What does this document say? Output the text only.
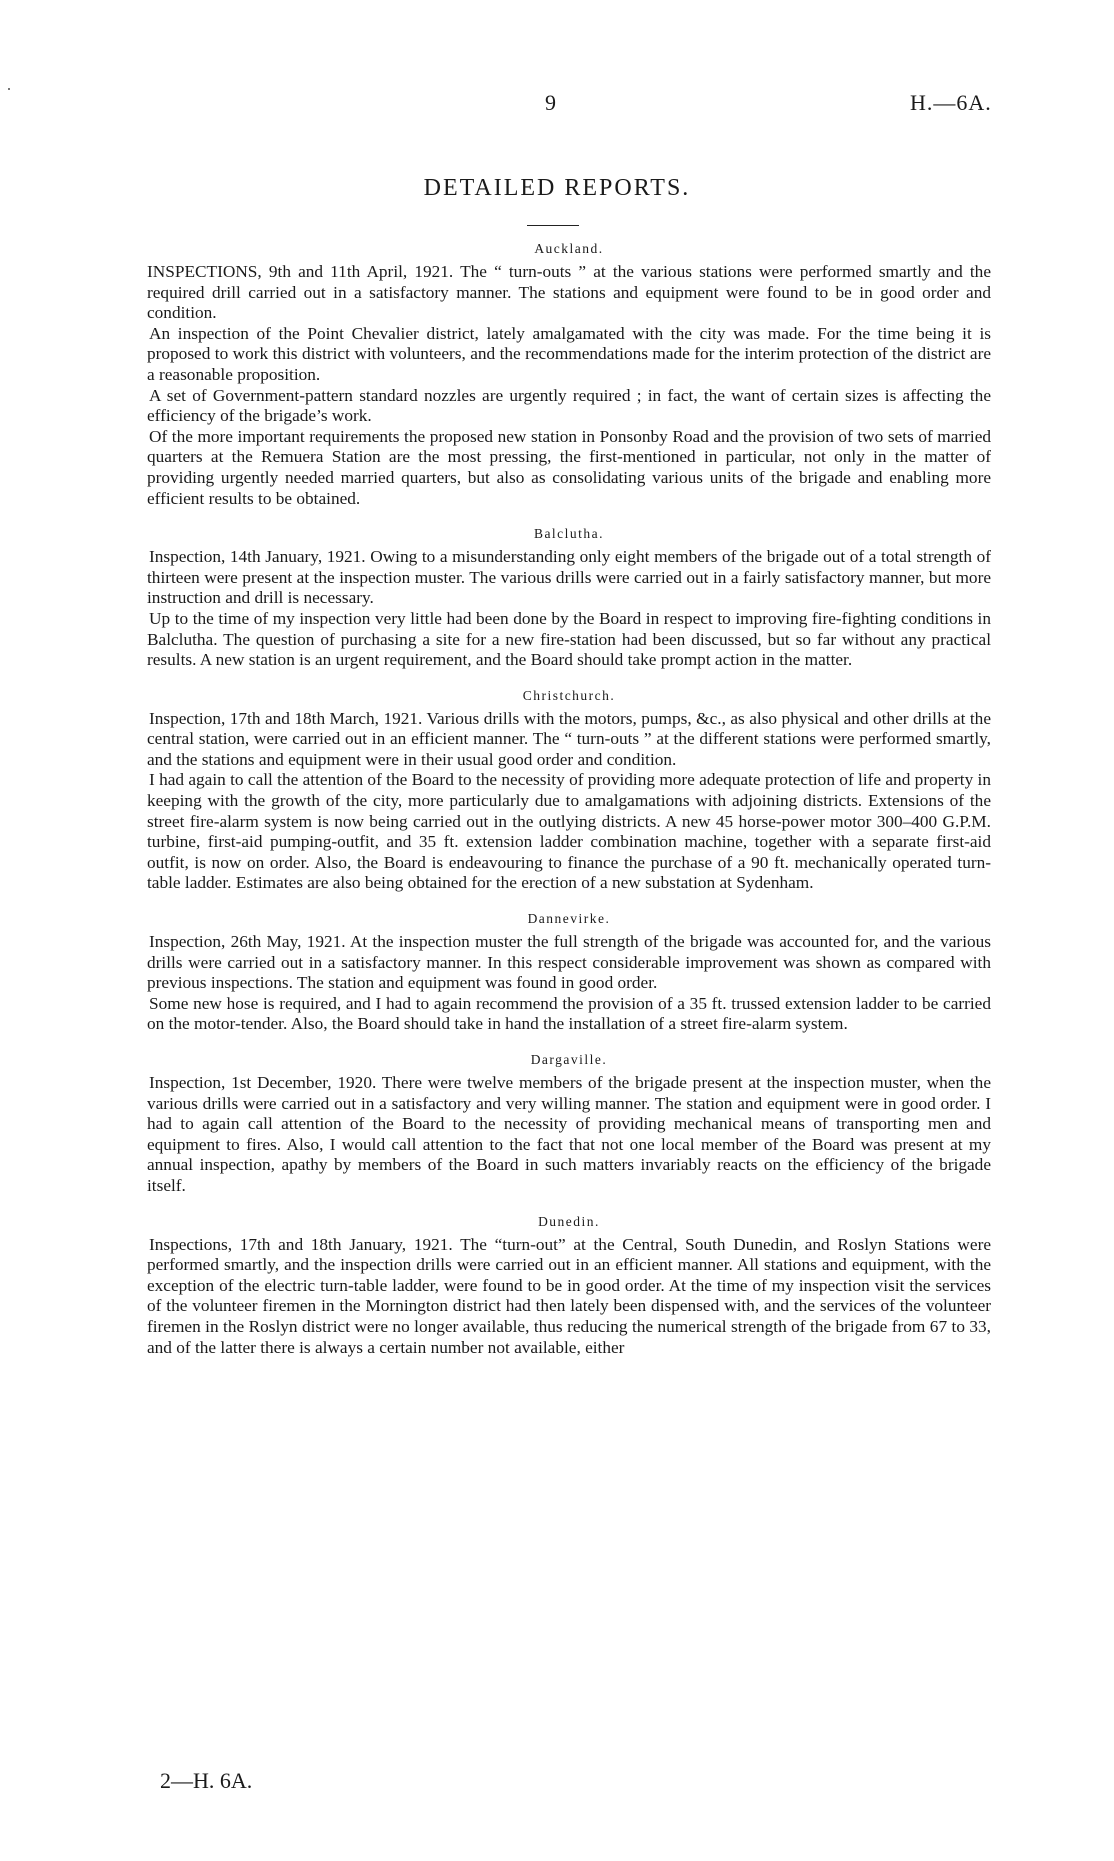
9	H.—6A.
DETAILED REPORTS.
Auckland.

INSPECTIONS, 9th and 11th April, 1921. The “ turn-outs ” at the various stations were performed smartly and the required drill carried out in a satisfactory manner. The stations and equipment were found to be in good order and condition.

An inspection of the Point Chevalier district, lately amalgamated with the city was made. For the time being it is proposed to work this district with volunteers, and the recommendations made for the interim protection of the district are a reasonable proposition.

A set of Government-pattern standard nozzles are urgently required ; in fact, the want of certain sizes is affecting the efficiency of the brigade’s work.

Of the more important requirements the proposed new station in Ponsonby Road and the provision of two sets of married quarters at the Remuera Station are the most pressing, the first-mentioned in particular, not only in the matter of providing urgently needed married quarters, but also as consolidating various units of the brigade and enabling more efficient results to be obtained.

Balclutha.

Inspection, 14th January, 1921. Owing to a misunderstanding only eight members of the brigade out of a total strength of thirteen were present at the inspection muster. The various drills were carried out in a fairly satisfactory manner, but more instruction and drill is necessary.

Up to the time of my inspection very little had been done by the Board in respect to improving fire-fighting conditions in Balclutha. The question of purchasing a site for a new fire-station had been discussed, but so far without any practical results. A new station is an urgent requirement, and the Board should take prompt action in the matter.

Christchurch.

Inspection, 17th and 18th March, 1921. Various drills with the motors, pumps, &c., as also physical and other drills at the central station, were carried out in an efficient manner. The “ turn-outs ” at the different stations were performed smartly, and the stations and equipment were in their usual good order and condition.

I had again to call the attention of the Board to the necessity of providing more adequate protection of life and property in keeping with the growth of the city, more particularly due to amalgamations with adjoining districts. Extensions of the street fire-alarm system is now being carried out in the outlying districts. A new 45 horse-power motor 300–400 G.P.M. turbine, first-aid pumping-outfit, and 35 ft. extension ladder combination machine, together with a separate first-aid outfit, is now on order. Also, the Board is endeavouring to finance the purchase of a 90 ft. mechanically operated turn-table ladder. Estimates are also being obtained for the erection of a new substation at Sydenham.

Dannevirke.

Inspection, 26th May, 1921. At the inspection muster the full strength of the brigade was accounted for, and the various drills were carried out in a satisfactory manner. In this respect considerable improvement was shown as compared with previous inspections. The station and equipment was found in good order.

Some new hose is required, and I had to again recommend the provision of a 35 ft. trussed extension ladder to be carried on the motor-tender. Also, the Board should take in hand the installation of a street fire-alarm system.

Dargaville.

Inspection, 1st December, 1920. There were twelve members of the brigade present at the inspection muster, when the various drills were carried out in a satisfactory and very willing manner. The station and equipment were in good order. I had to again call attention of the Board to the necessity of providing mechanical means of transporting men and equipment to fires. Also, I would call attention to the fact that not one local member of the Board was present at my annual inspection, apathy by members of the Board in such matters invariably reacts on the efficiency of the brigade itself.

Dunedin.

Inspections, 17th and 18th January, 1921. The “turn-out” at the Central, South Dunedin, and Roslyn Stations were performed smartly, and the inspection drills were carried out in an efficient manner. All stations and equipment, with the exception of the electric turn-table ladder, were found to be in good order. At the time of my inspection visit the services of the volunteer firemen in the Mornington district had then lately been dispensed with, and the services of the volunteer firemen in the Roslyn district were no longer available, thus reducing the numerical strength of the brigade from 67 to 33, and of the latter there is always a certain number not available, either

2—H. 6A.
